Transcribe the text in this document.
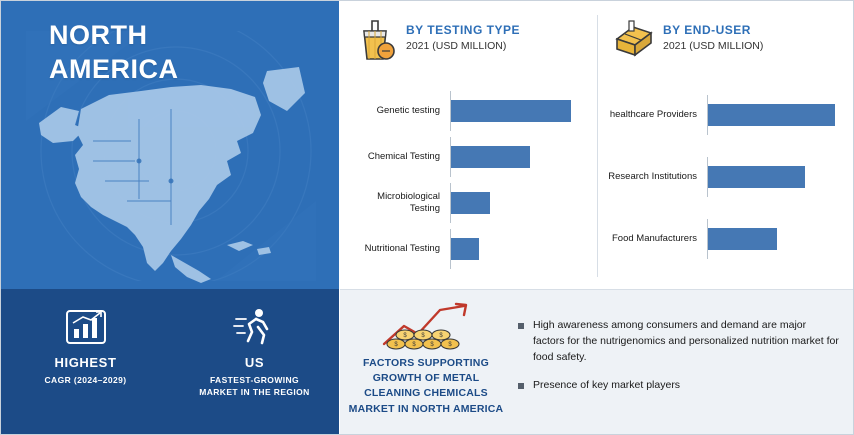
NORTH
AMERICA
HIGHEST
CAGR (2024–2029)
US
FASTEST-GROWING MARKET IN THE REGION
BY TESTING TYPE
2021 (USD MILLION)
Genetic testing
Chemical Testing
Microbiological Testing
Nutritional Testing
BY END-USER
2021 (USD MILLION)
healthcare Providers
Research Institutions
Food Manufacturers
$ $ $ $
$ $ $
FACTORS SUPPORTING GROWTH OF METAL CLEANING CHEMICALS MARKET IN NORTH AMERICA
High awareness among consumers and demand are major factors for the nutrigenomics and personalized nutrition market for food safety.
Presence of key market players
